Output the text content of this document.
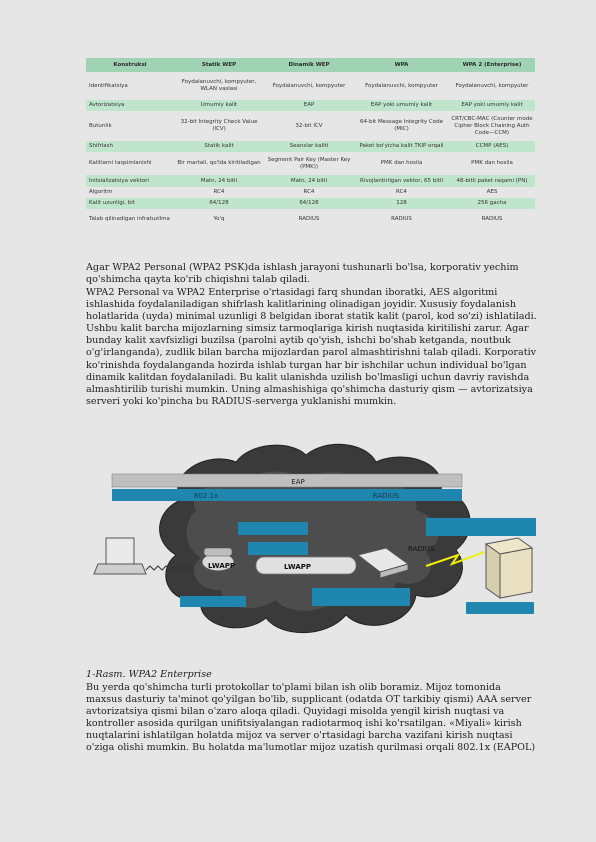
Konstruksi	Statik WEP	Dinamik WEP	WPA	WPA 2 (Enterprise)
Identifikatsiya	Foydalanuvchi, kompyuter, WLAN vaslasi	Foydalanuvchi, kompyuter	Foydalanuvchi, kompyuter	Foydalanuvchi, kompyuter
Avtorizatsiya	Umumiy kalit	EAP	EAP yoki umumiy kalit	EAP yoki umumiy kalit
Butunlik	32-bit Integrity Check Value (ICV)	32-bit ICV	64-bit Message Integrity Code (MIC)	CRT/CBC-MAC (Counter mode Cipher Block Chaining Auth Code—CCM)
Shifrlash	Statik kalit	Seanslar kaliti	Paket bo'yicha kalit TKIP orqali	CCMP (AES)
Kalitlarni taqsimlanishi	Bir martali, qo'lda kiritiladigan	Segment Pair Key (Master Key (PMK))	PMK dan hosila	PMK dan hosila
Initsializatsiya vektori	Matn, 24 bitli	Matn, 24 bitli	Rivojlantirilgan vektor, 65 bitli	48-bitli paket raqami (PN)
Algoritm	RC4	RC4	RC4	AES
Kalit uzunligi, bit	64/128	64/128	128	256 gacha
Talab qilinadigan infratuzilma	Yo'q	RADIUS	RADIUS	RADIUS
Agar WPA2 Personal (WPA2 PSK)da ishlash jarayoni tushunarli bo'lsa, korporativ yechim
qo'shimcha qayta ko'rib chiqishni talab qiladi.
WPA2 Personal va WPA2 Enterprise o'rtasidagi farq shundan iboratki, AES algoritmi
ishlashida foydalaniladigan shifrlash kalitlarining olinadigan joyidir. Xususiy foydalanish
holatlarida (uyda) minimal uzunligi 8 belgidan iborat statik kalit (parol, kod so'zi) ishlatiladi.
Ushbu kalit barcha mijozlarning simsiz tarmoqlariga kirish nuqtasida kiritilishi zarur. Agar
bunday kalit xavfsizligi buzilsa (parolni aytib qo'yish, ishchi bo'shab ketganda, noutbuk
o'g'irlanganda), zudlik bilan barcha mijozlardan parol almashtirishni talab qiladi. Korporativ
ko'rinishda foydalanganda hozirda ishlab turgan har bir ishchilar uchun individual bo'lgan
dinamik kalitdan foydalaniladi. Bu kalit ulanishda uzilish bo'lmasligi uchun davriy ravishda
almashtirilib turishi mumkin. Uning almashishiga qo'shimcha dasturiy qism — avtorizatsiya
serveri yoki ko'pincha bu RADIUS-serverga yuklanishi mumkin.
EAP
802.1x	RADIUS
LWAPP	LWAPP
RADIUS
1-Rasm. WPA2 Enterprise
Bu yerda qo'shimcha turli protokollar to'plami bilan ish olib boramiz. Mijoz tomonida
maxsus dasturiy ta'minot qo'yilgan bo'lib, supplicant (odatda OT tarkibiy qismi) AAA server
avtorizatsiya qismi bilan o'zaro aloqa qiladi. Quyidagi misolda yengil kirish nuqtasi va
kontroller asosida qurilgan unifitsiyalangan radiotarmoq ishi ko'rsatilgan. «Miyali» kirish
nuqtalarini ishlatilgan holatda mijoz va server o'rtasidagi barcha vazifani kirish nuqtasi
o'ziga olishi mumkin. Bu holatda ma'lumotlar mijoz uzatish qurilmasi orqali 802.1x (EAPOL)
